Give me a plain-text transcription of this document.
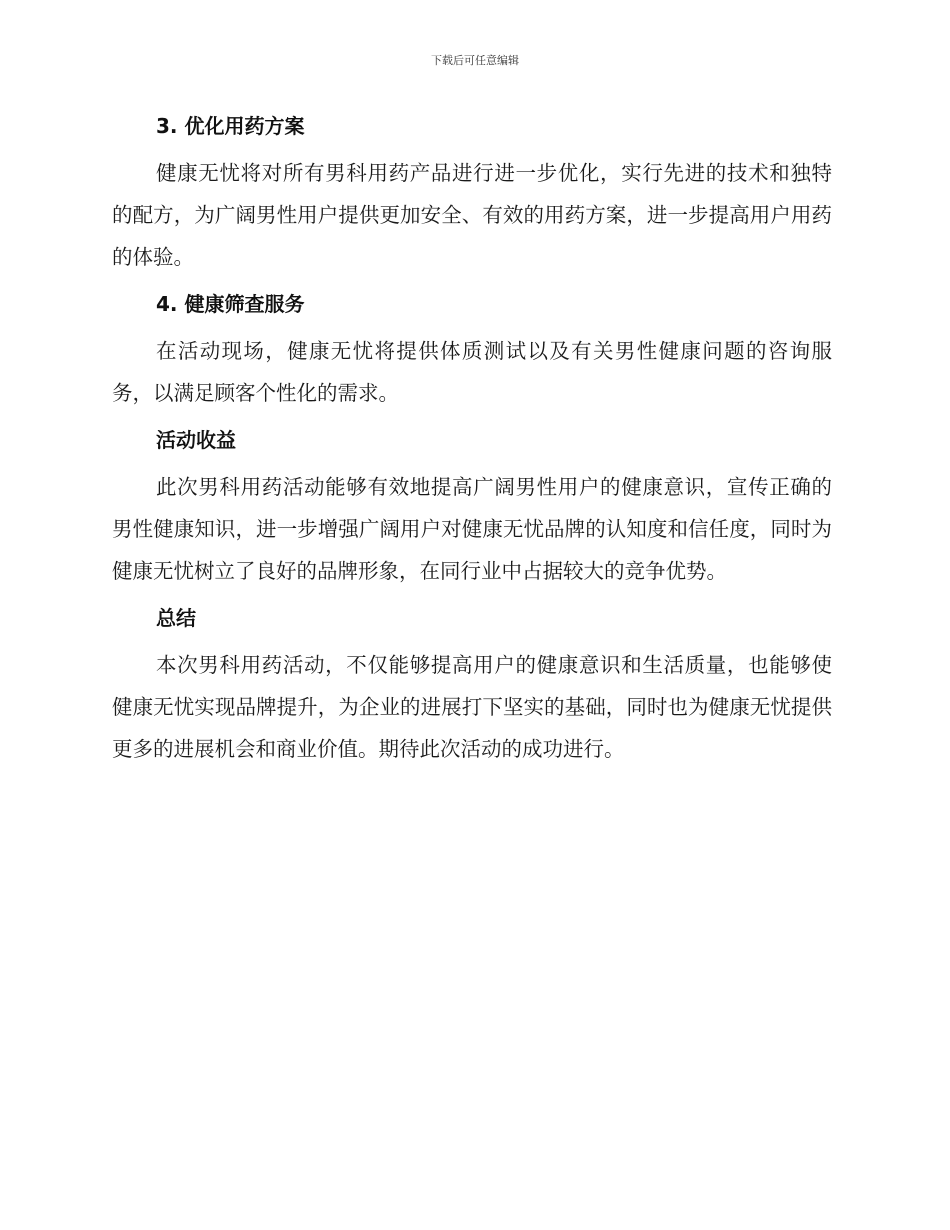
下载后可任意编辑
3. 优化用药方案

健康无忧将对所有男科用药产品进行进一步优化，实行先进的技术和独特的配方，为广阔男性用户提供更加安全、有效的用药方案，进一步提高用户用药的体验。

4. 健康筛查服务

在活动现场，健康无忧将提供体质测试以及有关男性健康问题的咨询服务，以满足顾客个性化的需求。

活动收益

此次男科用药活动能够有效地提高广阔男性用户的健康意识，宣传正确的男性健康知识，进一步增强广阔用户对健康无忧品牌的认知度和信任度，同时为健康无忧树立了良好的品牌形象，在同行业中占据较大的竞争优势。

总结

本次男科用药活动，不仅能够提高用户的健康意识和生活质量，也能够使健康无忧实现品牌提升，为企业的进展打下坚实的基础，同时也为健康无忧提供更多的进展机会和商业价值。期待此次活动的成功进行。
